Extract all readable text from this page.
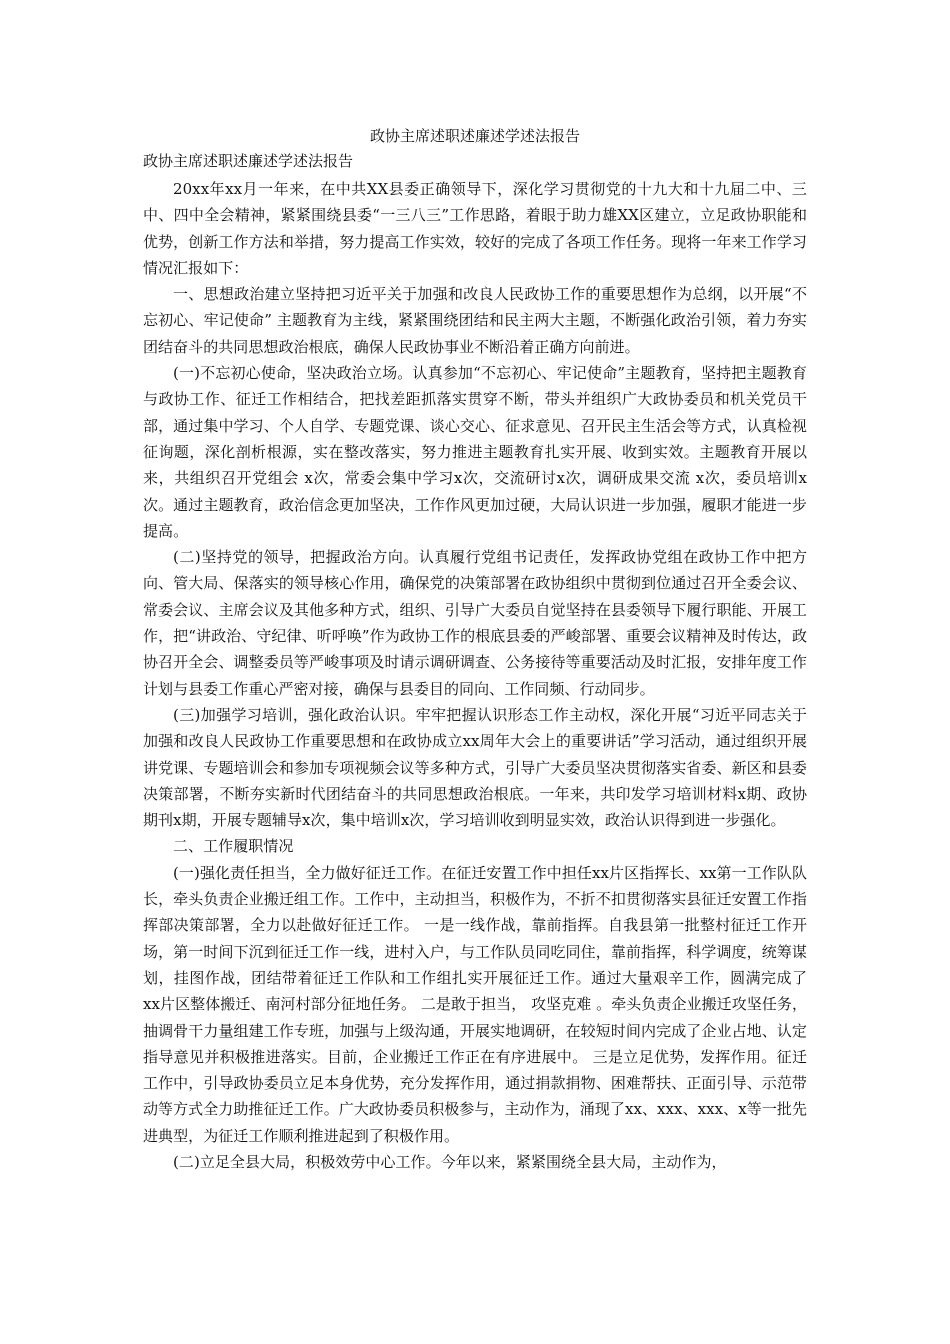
政协主席述职述廉述学述法报告
政协主席述职述廉述学述法报告

20xx年xx月一年来，在中共XX县委正确领导下，深化学习贯彻党的十九大和十九届二中、三中、四中全会精神，紧紧围绕县委“一三八三”工作思路，着眼于助力雄XX区建立，立足政协职能和优势，创新工作方法和举措，努力提高工作实效，较好的完成了各项工作任务。现将一年来工作学习情况汇报如下：

一、思想政治建立坚持把习近平关于加强和改良人民政协工作的重要思想作为总纲，以开展“不忘初心、牢记使命” 主题教育为主线，紧紧围绕团结和民主两大主题，不断强化政治引领，着力夯实团结奋斗的共同思想政治根底，确保人民政协事业不断沿着正确方向前进。

(一)不忘初心使命，坚决政治立场。认真参加“不忘初心、牢记使命”主题教育，坚持把主题教育与政协工作、征迁工作相结合，把找差距抓落实贯穿不断，带头并组织广大政协委员和机关党员干部，通过集中学习、个人自学、专题党课、谈心交心、征求意见、召开民主生活会等方式，认真检视征询题，深化剖析根源，实在整改落实，努力推进主题教育扎实开展、收到实效。主题教育开展以来，共组织召开党组会 x次，常委会集中学习x次，交流研讨x次，调研成果交流 x次，委员培训x次。通过主题教育，政治信念更加坚决，工作作风更加过硬，大局认识进一步加强，履职才能进一步提高。

(二)坚持党的领导，把握政治方向。认真履行党组书记责任，发挥政协党组在政协工作中把方向、管大局、保落实的领导核心作用，确保党的决策部署在政协组织中贯彻到位通过召开全委会议、常委会议、主席会议及其他多种方式，组织、引导广大委员自觉坚持在县委领导下履行职能、开展工作，把“讲政治、守纪律、听呼唤”作为政协工作的根底县委的严峻部署、重要会议精神及时传达，政协召开全会、调整委员等严峻事项及时请示调研调查、公务接待等重要活动及时汇报，安排年度工作计划与县委工作重心严密对接，确保与县委目的同向、工作同频、行动同步。

(三)加强学习培训，强化政治认识。牢牢把握认识形态工作主动权，深化开展“习近平同志关于加强和改良人民政协工作重要思想和在政协成立xx周年大会上的重要讲话”学习活动，通过组织开展讲党课、专题培训会和参加专项视频会议等多种方式，引导广大委员坚决贯彻落实省委、新区和县委决策部署，不断夯实新时代团结奋斗的共同思想政治根底。一年来，共印发学习培训材料x期、政协期刊x期，开展专题辅导x次，集中培训x次，学习培训收到明显实效，政治认识得到进一步强化。

二、工作履职情况

(一)强化责任担当，全力做好征迁工作。在征迁安置工作中担任xx片区指挥长、xx第一工作队队长，牵头负责企业搬迁组工作。工作中，主动担当，积极作为，不折不扣贯彻落实县征迁安置工作指挥部决策部署，全力以赴做好征迁工作。 一是一线作战，靠前指挥。自我县第一批整村征迁工作开场，第一时间下沉到征迁工作一线，进村入户，与工作队员同吃同住，靠前指挥，科学调度，统筹谋划，挂图作战，团结带着征迁工作队和工作组扎实开展征迁工作。通过大量艰辛工作，圆满完成了xx片区整体搬迁、南河村部分征地任务。 二是敢于担当， 攻坚克难 。牵头负责企业搬迁攻坚任务，抽调骨干力量组建工作专班，加强与上级沟通，开展实地调研，在较短时间内完成了企业占地、认定指导意见并积极推进落实。目前，企业搬迁工作正在有序进展中。 三是立足优势，发挥作用。征迁工作中，引导政协委员立足本身优势，充分发挥作用，通过捐款捐物、困难帮扶、正面引导、示范带动等方式全力助推征迁工作。广大政协委员积极参与，主动作为，涌现了xx、xxx、xxx、x等一批先进典型，为征迁工作顺利推进起到了积极作用。

(二)立足全县大局，积极效劳中心工作。今年以来，紧紧围绕全县大局，主动作为，
